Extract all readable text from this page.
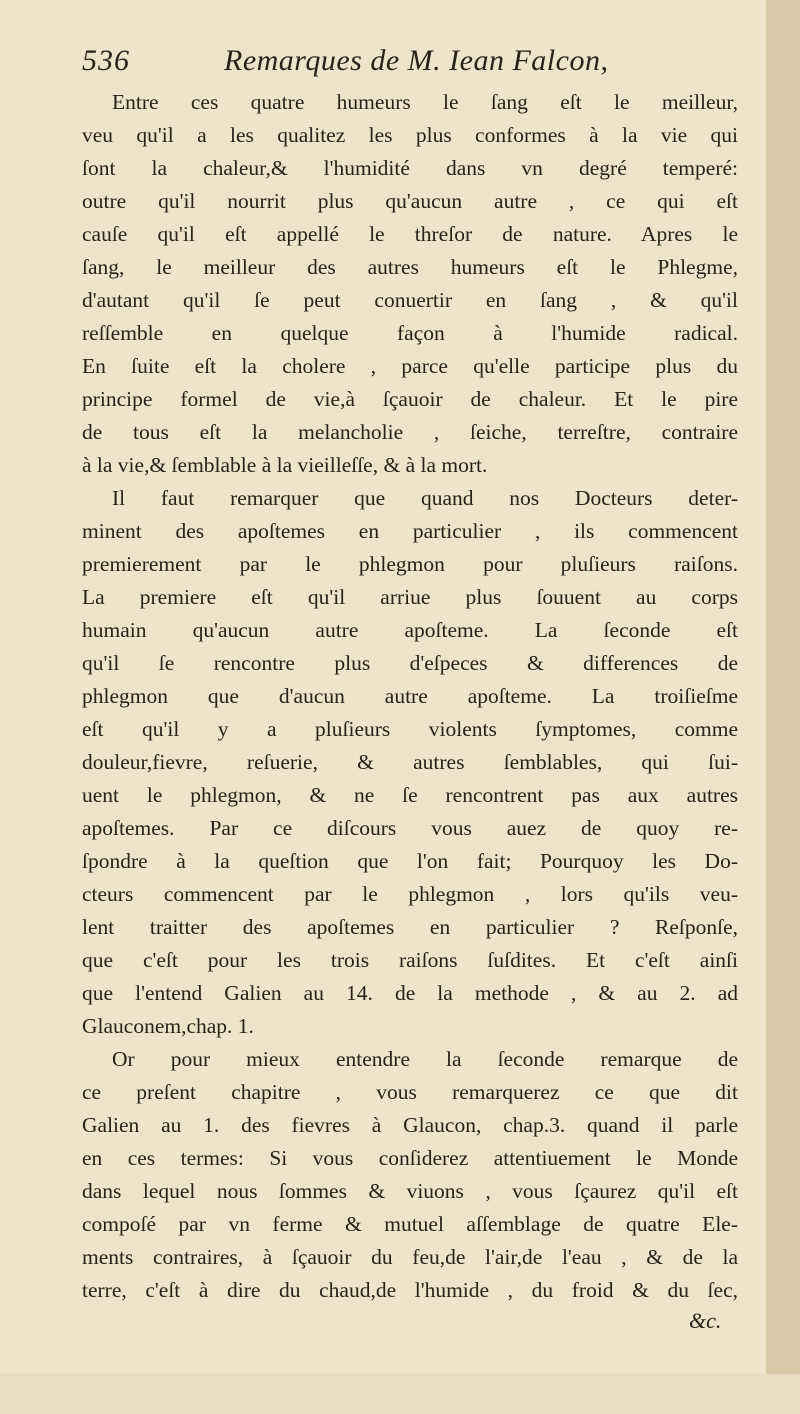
536	Remarques de M. Iean Falcon,
Entre ces quatre humeurs le ſang eſt le meilleur,
veu qu'il a les qualitez les plus conformes à la vie qui
ſont la chaleur,& l'humidité dans vn degré temperé:
outre qu'il nourrit plus qu'aucun autre , ce qui eſt
cauſe qu'il eſt appellé le threſor de nature. Apres le
ſang, le meilleur des autres humeurs eſt le Phlegme,
d'autant qu'il ſe peut conuertir en ſang , & qu'il
reſſemble en quelque façon à l'humide radical.
En ſuite eſt la cholere , parce qu'elle participe plus du
principe formel de vie,à ſçauoir de chaleur. Et le pire
de tous eſt la melancholie , ſeiche, terreſtre, contraire
à la vie,& ſemblable à la vieilleſſe, & à la mort.
Il faut remarquer que quand nos Docteurs deter-
minent des apoſtemes en particulier , ils commencent
premierement par le phlegmon pour pluſieurs raiſons.
La premiere eſt qu'il arriue plus ſouuent au corps
humain qu'aucun autre apoſteme. La ſeconde eſt
qu'il ſe rencontre plus d'eſpeces & differences de
phlegmon que d'aucun autre apoſteme. La troiſieſme
eſt qu'il y a pluſieurs violents ſymptomes, comme
douleur,fievre, reſuerie, & autres ſemblables, qui ſui-
uent le phlegmon, & ne ſe rencontrent pas aux autres
apoſtemes. Par ce diſcours vous auez de quoy re-
ſpondre à la queſtion que l'on fait; Pourquoy les Do-
cteurs commencent par le phlegmon , lors qu'ils veu-
lent traitter des apoſtemes en particulier ? Reſponſe,
que c'eſt pour les trois raiſons ſuſdites. Et c'eſt ainſi
que l'entend Galien au 14. de la methode , & au 2. ad
Glauconem,chap. 1.
Or pour mieux entendre la ſeconde remarque de
ce preſent chapitre , vous remarquerez ce que dit
Galien au 1. des fievres à Glaucon, chap.3. quand il parle
en ces termes: Si vous conſiderez attentiuement le Monde
dans lequel nous ſommes & viuons , vous ſçaurez qu'il eſt
compoſé par vn ferme & mutuel aſſemblage de quatre Ele-
ments contraires, à ſçauoir du feu,de l'air,de l'eau , & de la
terre, c'eſt à dire du chaud,de l'humide , du froid & du ſec,
&c.
